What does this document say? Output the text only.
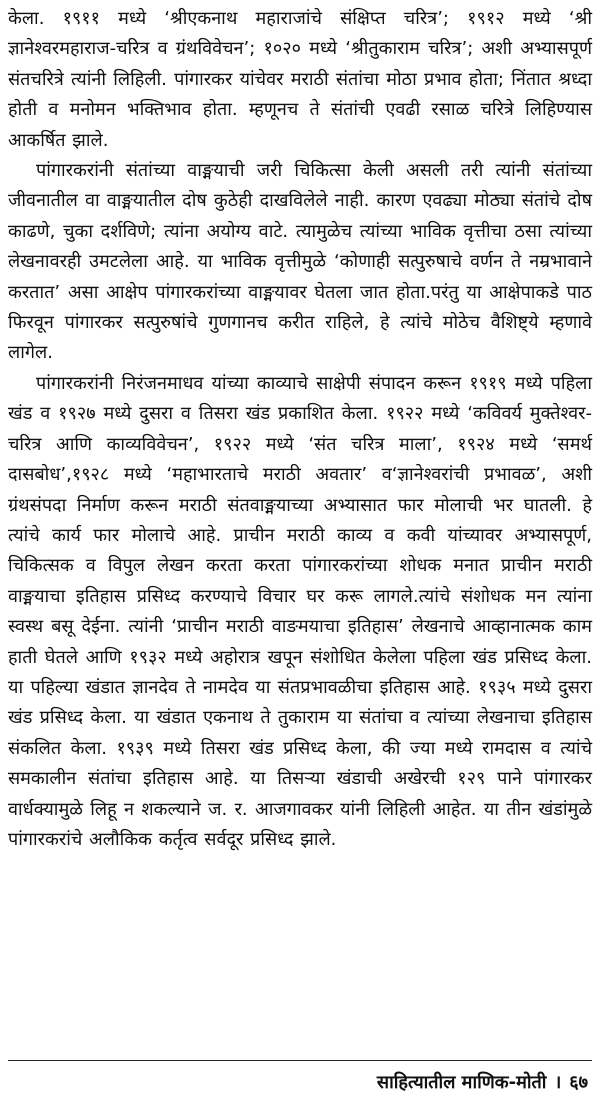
केला. १९११ मध्ये ‘श्रीएकनाथ महाराजांचे संक्षिप्त चरित्र’; १९१२ मध्ये ‘श्री ज्ञानेश्वरमहाराज-चरित्र व ग्रंथविवेचन’; १०२० मध्ये ‘श्रीतुकाराम चरित्र’; अशी अभ्यासपूर्ण संतचरित्रे त्यांनी लिहिली. पांगारकर यांचेवर मराठी संतांचा मोठा प्रभाव होता; निंतात श्रध्दा होती व मनोमन भक्तिभाव होता. म्हणूनच ते संतांची एवढी रसाळ चरित्रे लिहिण्यास आकर्षित झाले.

पांगारकरांनी संतांच्या वाङ्मयाची जरी चिकित्सा केली असली तरी त्यांनी संतांच्या जीवनातील वा वाङ्मयातील दोष कुठेही दाखविलेले नाही. कारण एवढ्या मोठ्या संतांचे दोष काढणे, चुका दर्शविणे; त्यांना अयोग्य वाटे. त्यामुळेच त्यांच्या भाविक वृत्तीचा ठसा त्यांच्या लेखनावरही उमटलेला आहे. या भाविक वृत्तीमुळे ‘कोणाही सत्पुरुषाचे वर्णन ते नम्रभावाने करतात’ असा आक्षेप पांगारकरांच्या वाङ्मयावर घेतला जात होता.परंतु या आक्षेपाकडे पाठ फिरवून पांगारकर सत्पुरुषांचे गुणगानच करीत राहिले, हे त्यांचे मोठेच वैशिष्ट्ये म्हणावे लागेल.

पांगारकरांनी निरंजनमाधव यांच्या काव्याचे साक्षेपी संपादन करून १९१९ मध्ये पहिला खंड व १९२७ मध्ये दुसरा व तिसरा खंड प्रकाशित केला. १९२२ मध्ये ‘कविवर्य मुक्तेश्वर-चरित्र आणि काव्यविवेचन’, १९२२ मध्ये ‘संत चरित्र माला’, १९२४ मध्ये ‘समर्थ दासबोध’,१९२८ मध्ये ‘महाभारताचे मराठी अवतार’ व‘ज्ञानेश्वरांची प्रभावळ’, अशी ग्रंथसंपदा निर्माण करून मराठी संतवाङ्मयाच्या अभ्यासात फार मोलाची भर घातली. हे त्यांचे कार्य फार मोलाचे आहे. प्राचीन मराठी काव्य व कवी यांच्यावर अभ्यासपूर्ण, चिकित्सक व विपुल लेखन करता करता पांगारकरांच्या शोधक मनात प्राचीन मराठी वाङ्मयाचा इतिहास प्रसिध्द करण्याचे विचार घर करू लागले.त्यांचे संशोधक मन त्यांना स्वस्थ बसू देईना. त्यांनी ‘प्राचीन मराठी वाङमयाचा इतिहास’ लेखनाचे आव्हानात्मक काम हाती घेतले आणि १९३२ मध्ये अहोरात्र खपून संशोधित केलेला पहिला खंड प्रसिध्द केला. या पहिल्या खंडात ज्ञानदेव ते नामदेव या संतप्रभावळीचा इतिहास आहे. १९३५ मध्ये दुसरा खंड प्रसिध्द केला. या खंडात एकनाथ ते तुकाराम या संतांचा व त्यांच्या लेखनाचा इतिहास संकलित केला. १९३९ मध्ये तिसरा खंड प्रसिध्द केला, की ज्या मध्ये रामदास व त्यांचे समकालीन संतांचा इतिहास आहे. या तिसऱ्या खंडाची अखेरची १२९ पाने पांगारकर वार्धक्यामुळे लिहू न शकल्याने ज. र. आजगावकर यांनी लिहिली आहेत. या तीन खंडांमुळे पांगारकरांचे अलौकिक कर्तृत्व सर्वदूर प्रसिध्द झाले.

साहित्यातील माणिक-मोती । ६७
